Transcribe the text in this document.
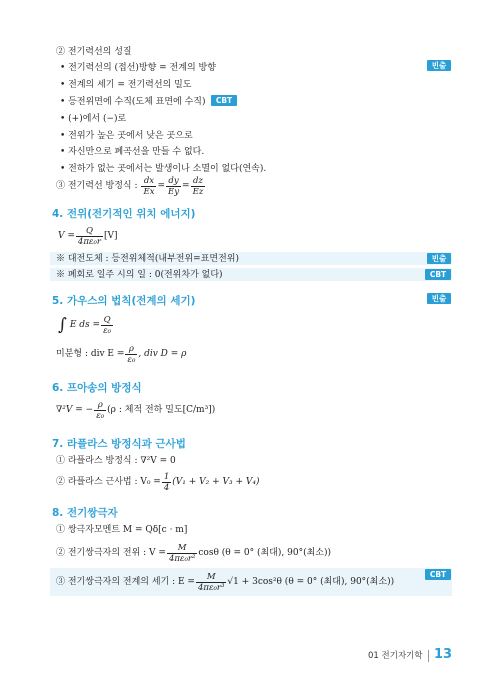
② 전기력선의 성질
• 전기력선의 (접선)방향 = 전계의 방향	빈출
• 전계의 세기 = 전기력선의 밀도
• 등전위면에 수직(도체 표면에 수직)	CBT
• (+)에서 (−)로
• 전위가 높은 곳에서 낮은 곳으로
• 자신만으로 폐곡선을 만들 수 없다.
• 전하가 없는 곳에서는 발생이나 소멸이 없다(연속).
③ 전기력선 방정식 : $\frac{dx}{Ex} = \frac{dy}{Ey} = \frac{dz}{Ez}$
4. 전위(전기적인 위치 에너지)
$V = \frac{Q}{\text{4πε₀r}} [V]$
※ 대전도체 : 등전위체적(내부전위=표면전위)	빈출
※ 폐회로 일주 시의 일 : 0(전위차가 없다)	CBT
5. 가우스의 법칙(전계의 세기)	빈출
∫ E ds = $\frac{Q}{\text{ε₀}}$
미분형 : div $E = \frac{\rho}{\text{ε₀}}$ , div D = ρ
6. 프아송의 방정식
∇²V = − $\frac{\rho}{\text{ε₀}} (\rho$ : 체적 전하 밀도[C/m³])
7. 라플라스 방정식과 근사법
① 라플라스 방정식 : ∇²V = 0
② 라플라스 근사법 : $V_0 = \frac{1}{4} (V_1 + V_2 + V_3 + V_4)$
8. 전기쌍극자
① 쌍극자모멘트 M = Qδ[c · m]
② 전기쌍극자의 전위 : $V = \frac{M}{\text{4πε₀r²}}$ cosθ (θ = 0° (최대), 90°(최소))
CBT
③ 전기쌍극자의 전계의 세기 : $E = \frac{M}{\text{4πε₀r³}} √1 + 3\cos^2\theta$ (θ = 0° (최대), 90°(최소))
01 전기자기학 13
